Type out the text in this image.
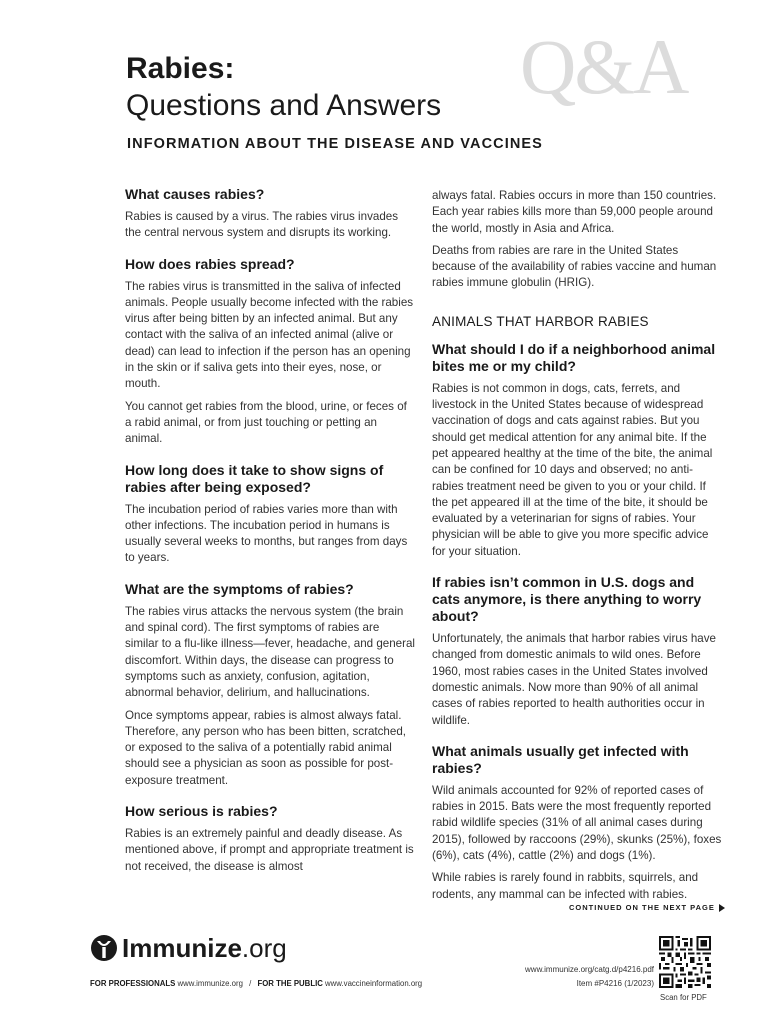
Q&A
Rabies:
Questions and Answers
INFORMATION ABOUT THE DISEASE AND VACCINES
What causes rabies?
Rabies is caused by a virus. The rabies virus invades the central nervous system and disrupts its working.
How does rabies spread?
The rabies virus is transmitted in the saliva of infected animals. People usually become infected with the rabies virus after being bitten by an infected animal. But any contact with the saliva of an infected animal (alive or dead) can lead to infection if the person has an opening in the skin or if saliva gets into their eyes, nose, or mouth.
You cannot get rabies from the blood, urine, or feces of a rabid animal, or from just touching or petting an animal.
How long does it take to show signs of rabies after being exposed?
The incubation period of rabies varies more than with other infections. The incubation period in humans is usually several weeks to months, but ranges from days to years.
What are the symptoms of rabies?
The rabies virus attacks the nervous system (the brain and spinal cord). The first symptoms of rabies are similar to a flu-like illness—fever, headache, and general discomfort. Within days, the disease can progress to symptoms such as anxiety, confusion, agitation, abnormal behavior, delirium, and hallucinations.
Once symptoms appear, rabies is almost always fatal. Therefore, any person who has been bitten, scratched, or exposed to the saliva of a potentially rabid animal should see a physician as soon as possible for post-exposure treatment.
How serious is rabies?
Rabies is an extremely painful and deadly disease. As mentioned above, if prompt and appropriate treatment is not received, the disease is almost
always fatal. Rabies occurs in more than 150 countries. Each year rabies kills more than 59,000 people around the world, mostly in Asia and Africa.
Deaths from rabies are rare in the United States because of the availability of rabies vaccine and human rabies immune globulin (HRIG).
ANIMALS THAT HARBOR RABIES
What should I do if a neighborhood animal bites me or my child?
Rabies is not common in dogs, cats, ferrets, and livestock in the United States because of widespread vaccination of dogs and cats against rabies. But you should get medical attention for any animal bite. If the pet appeared healthy at the time of the bite, the animal can be confined for 10 days and observed; no anti-rabies treatment need be given to you or your child. If the pet appeared ill at the time of the bite, it should be evaluated by a veterinarian for signs of rabies. Your physician will be able to give you more specific advice for your situation.
If rabies isn’t common in U.S. dogs and cats anymore, is there anything to worry about?
Unfortunately, the animals that harbor rabies virus have changed from domestic animals to wild ones. Before 1960, most rabies cases in the United States involved domestic animals. Now more than 90% of all animal cases of rabies reported to health authorities occur in wildlife.
What animals usually get infected with rabies?
Wild animals accounted for 92% of reported cases of rabies in 2015. Bats were the most frequently reported rabid wildlife species (31% of all animal cases during 2015), followed by raccoons (29%), skunks (25%), foxes (6%), cats (4%), cattle (2%) and dogs (1%).
While rabies is rarely found in rabbits, squirrels, and rodents, any mammal can be infected with rabies.
CONTINUED ON THE NEXT PAGE
Immunize.org
FOR PROFESSIONALS www.immunize.org / FOR THE PUBLIC www.vaccineinformation.org
www.immunize.org/catg.d/p4216.pdf
Item #P4216 (1/2023)
Scan for PDF
